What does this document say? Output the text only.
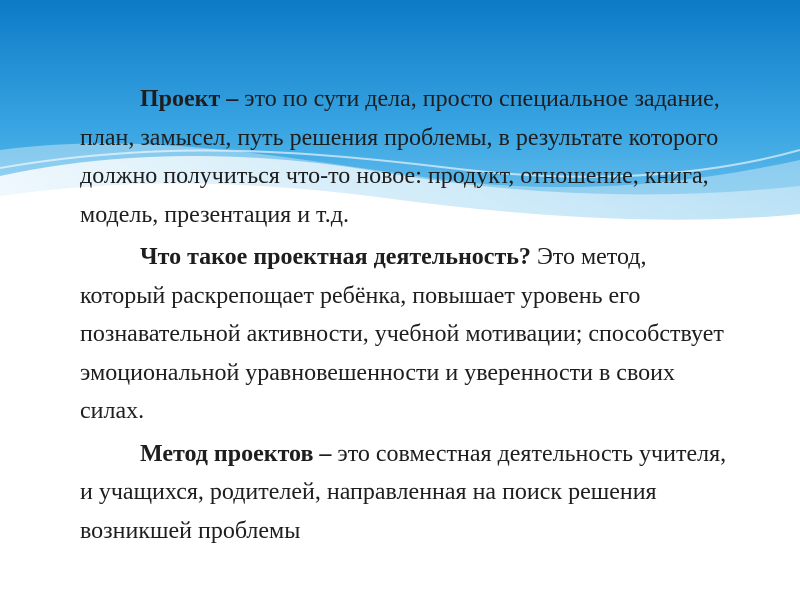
Проект – это по сути дела, просто специальное задание, план, замысел, путь решения проблемы, в результате которого должно получиться что-то новое: продукт, отношение, книга, модель, презентация и т.д.

Что такое проектная деятельность? Это метод, который раскрепощает ребёнка, повышает уровень его познавательной активности, учебной мотивации; способствует эмоциональной уравновешенности и уверенности в своих силах.

Метод проектов – это совместная деятельность учителя, и учащихся, родителей, направленная на поиск решения возникшей проблемы
